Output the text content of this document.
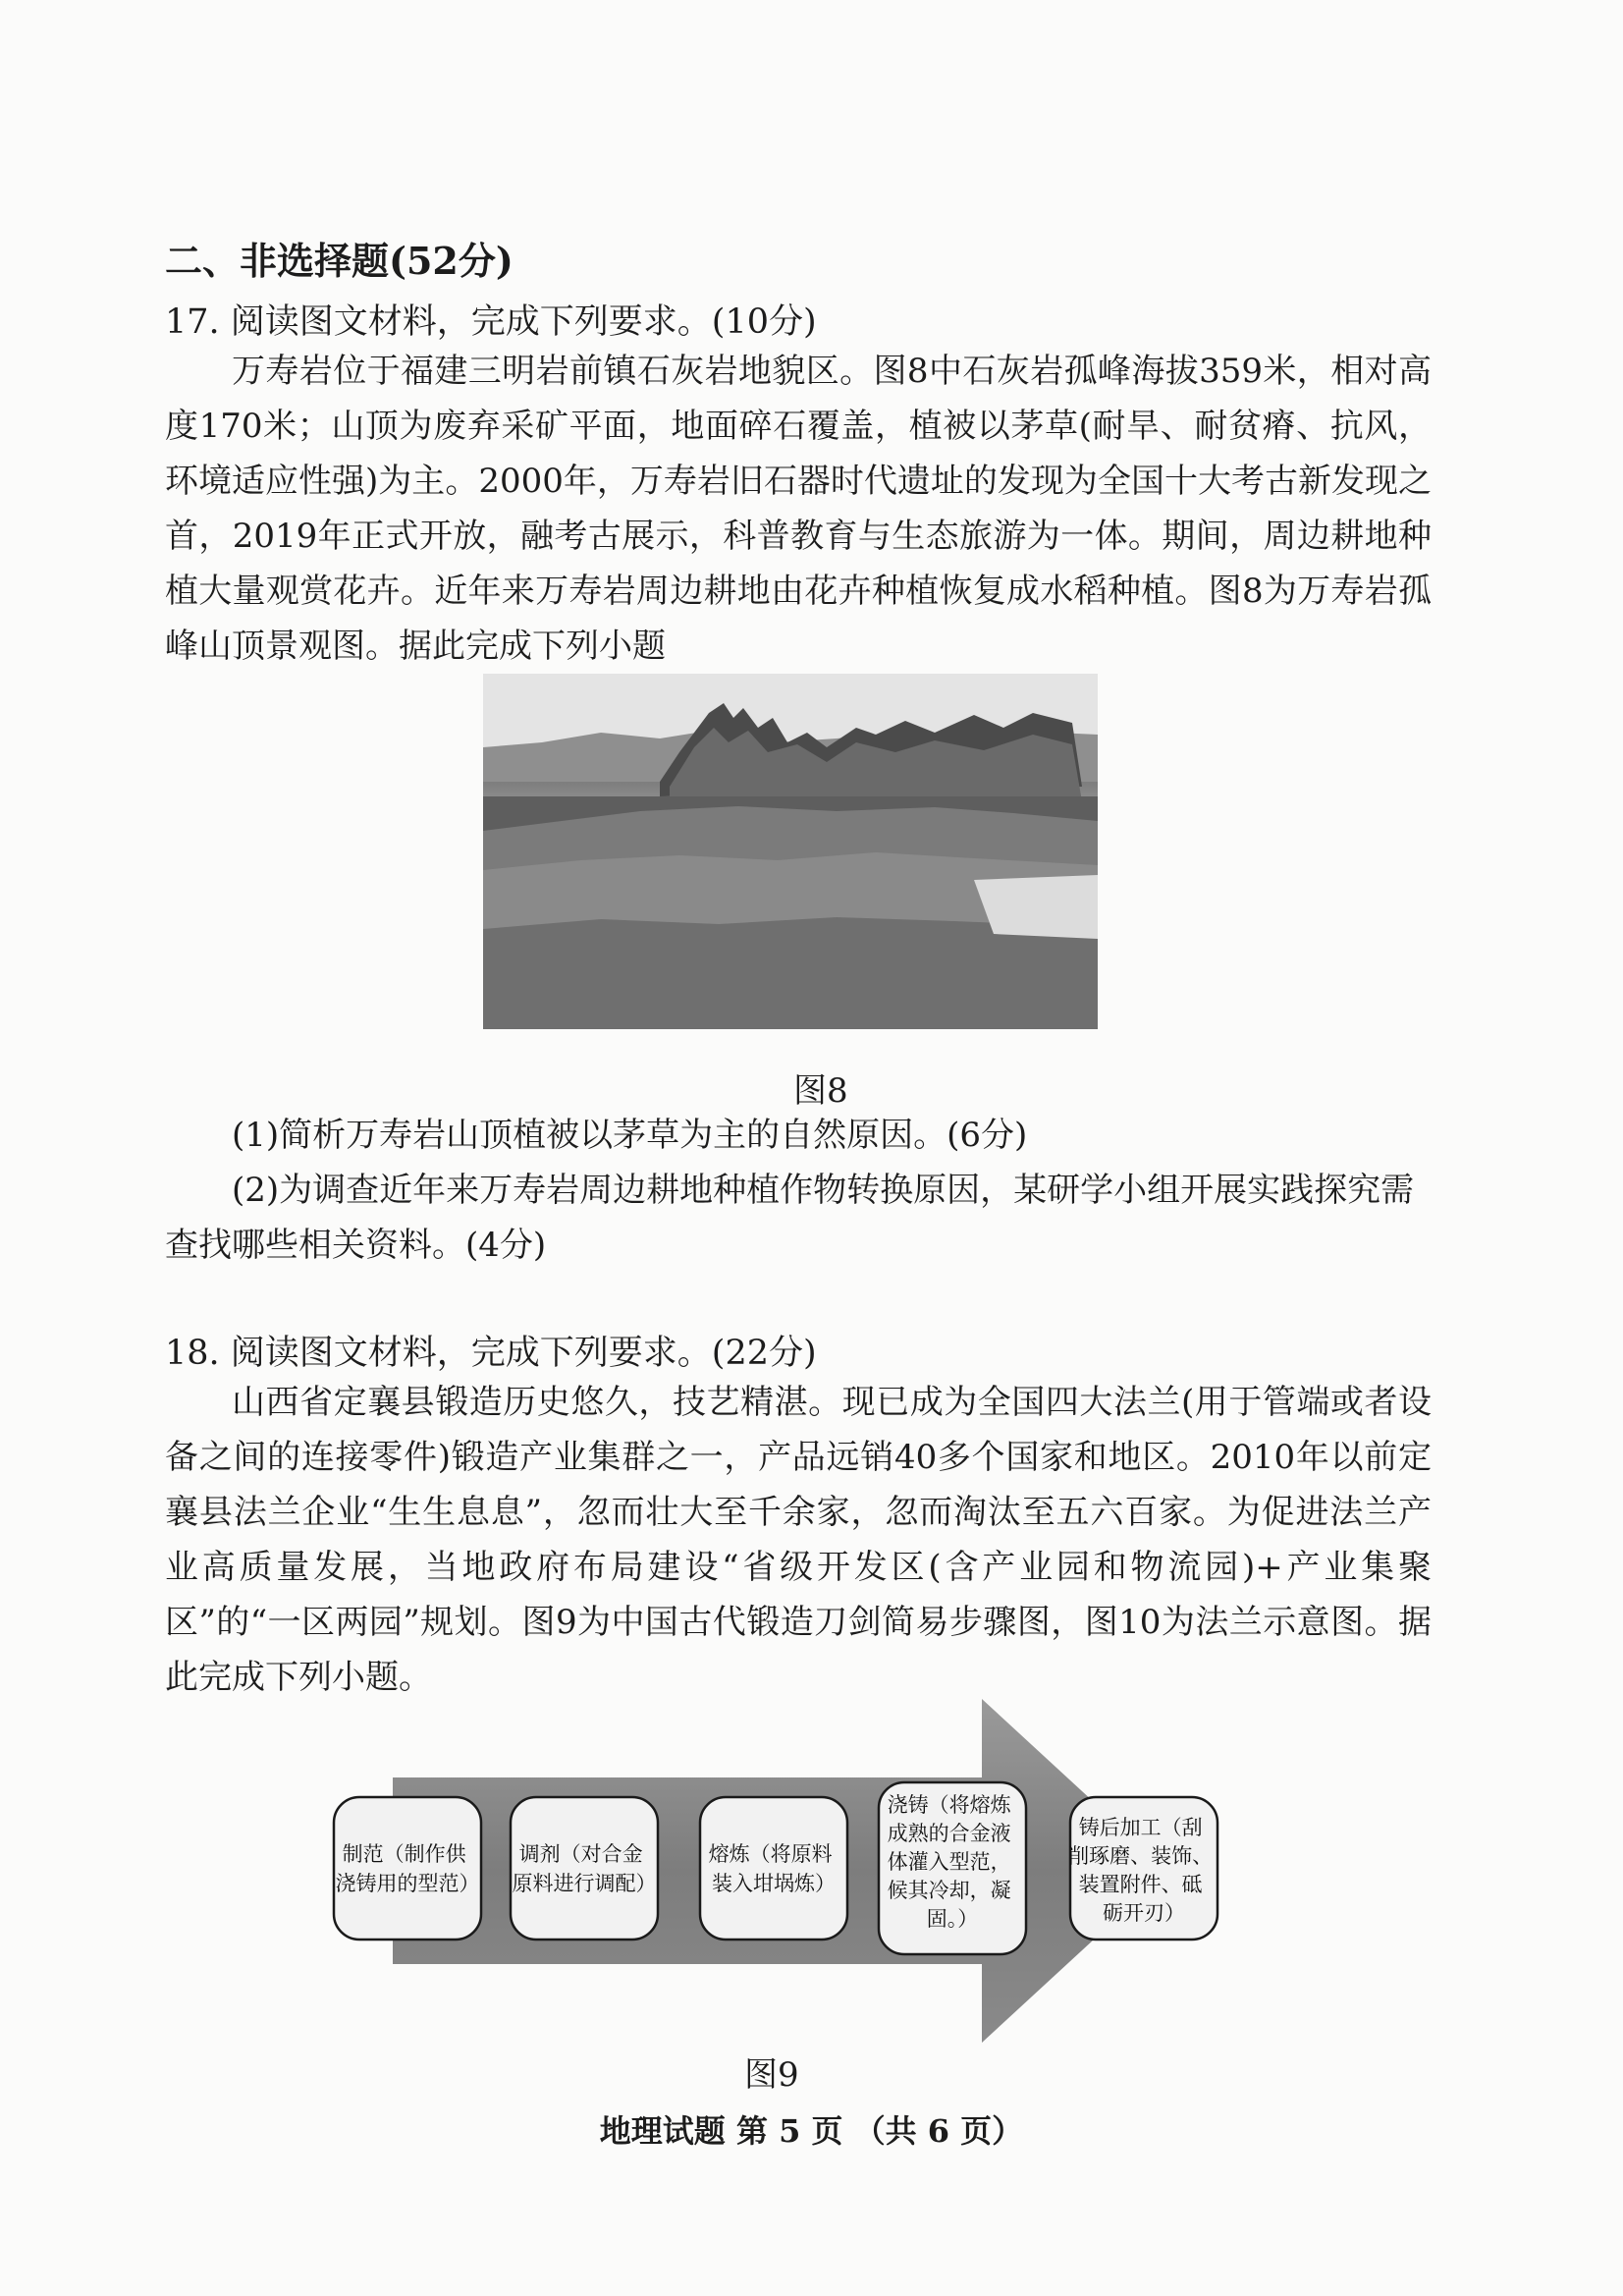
二、非选择题(52分)
17. 阅读图文材料，完成下列要求。(10分)

万寿岩位于福建三明岩前镇石灰岩地貌区。图8中石灰岩孤峰海拔359米，相对高度170米；山顶为废弃采矿平面，地面碎石覆盖，植被以茅草(耐旱、耐贫瘠、抗风，环境适应性强)为主。2000年，万寿岩旧石器时代遗址的发现为全国十大考古新发现之首，2019年正式开放，融考古展示，科普教育与生态旅游为一体。期间，周边耕地种植大量观赏花卉。近年来万寿岩周边耕地由花卉种植恢复成水稻种植。图8为万寿岩孤峰山顶景观图。据此完成下列小题

图8

(1)简析万寿岩山顶植被以茅草为主的自然原因。(6分)

(2)为调查近年来万寿岩周边耕地种植作物转换原因，某研学小组开展实践探究需查找哪些相关资料。(4分)

18. 阅读图文材料，完成下列要求。(22分)

山西省定襄县锻造历史悠久，技艺精湛。现已成为全国四大法兰(用于管端或者设备之间的连接零件)锻造产业集群之一，产品远销40多个国家和地区。2010年以前定襄县法兰企业“生生息息”，忽而壮大至千余家，忽而淘汰至五六百家。为促进法兰产业高质量发展，当地政府布局建设“省级开发区(含产业园和物流园)+产业集聚区”的“一区两园”规划。图9为中国古代锻造刀剑简易步骤图，图10为法兰示意图。据此完成下列小题。

制范（制作供 浇铸用的型范）
调剂（对合金 原料进行调配）
熔炼（将原料 装入坩埚炼）
浇铸（将熔炼 成熟的合金液 体灌入型范， 候其冷却，凝 固。）
铸后加工（刮 削琢磨、装饰、 装置附件、砥 砺开刃）
图9
地理试题 第 5 页 （共 6 页）
